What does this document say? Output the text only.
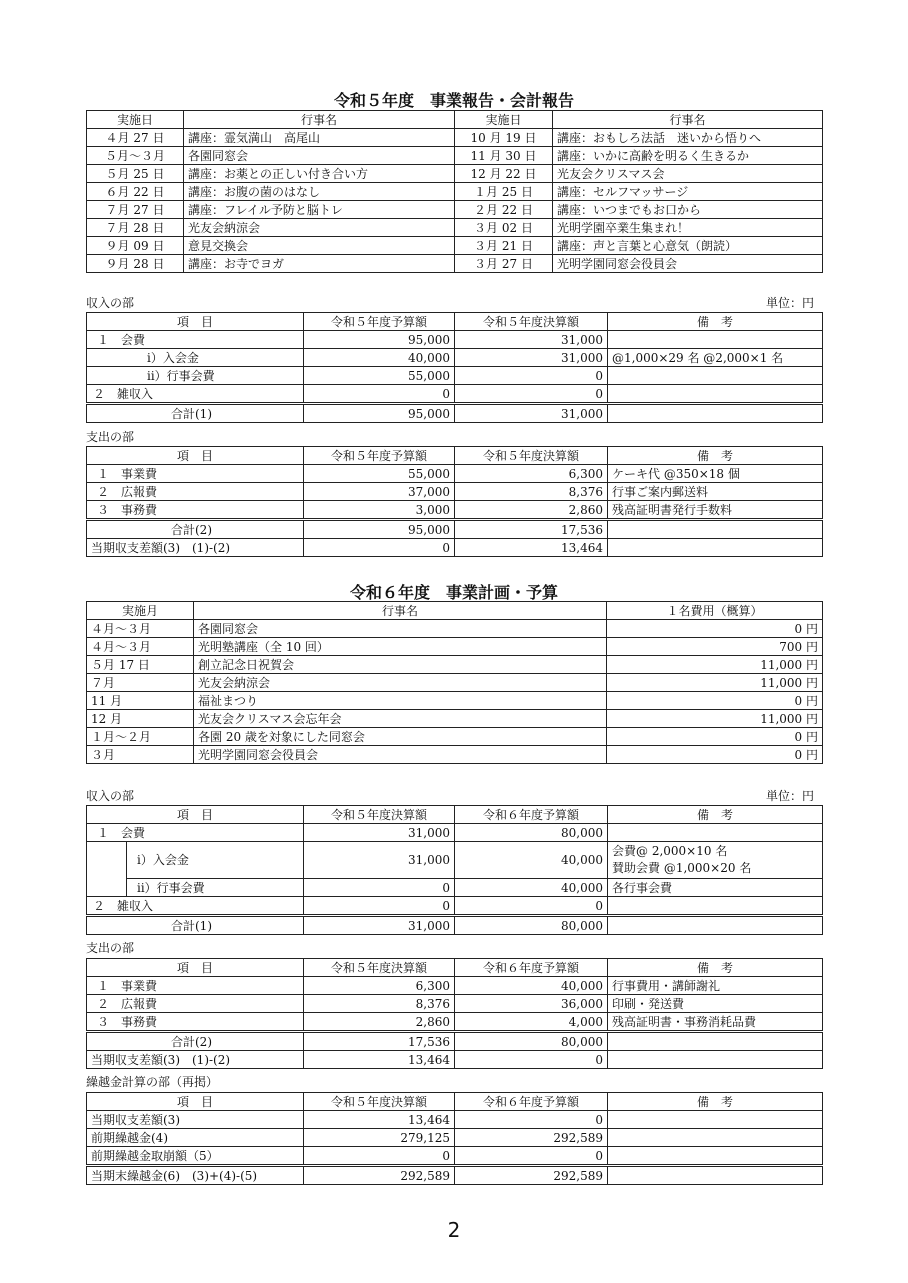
令和５年度　事業報告・会計報告
実施日	行事名	実施日	行事名
４月 27 日	講座：霊気満山　高尾山	10 月 19 日	講座：おもしろ法話　迷いから悟りへ
５月～３月	各園同窓会	11 月 30 日	講座：いかに高齢を明るく生きるか
５月 25 日	講座：お薬との正しい付き合い方	12 月 22 日	光友会クリスマス会
６月 22 日	講座：お腹の菌のはなし	１月 25 日	講座：セルフマッサージ
７月 27 日	講座：フレイル予防と脳トレ	２月 22 日	講座：いつまでもお口から
７月 28 日	光友会納涼会	３月 02 日	光明学園卒業生集まれ！
９月 09 日	意見交換会	３月 21 日	講座：声と言葉と心意気（朗読）
９月 28 日	講座：お寺でヨガ	３月 27 日	光明学園同窓会役員会
収入の部	単位：円
項　目	令和５年度予算額	令和５年度決算額	備　考
１　会費	95,000	31,000	
ⅰ）入会金	40,000	31,000	@1,000×29 名 @2,000×1 名
ⅱ）行事会費	55,000	0	
２　雑収入	0	0	
合計(1)	95,000	31,000	
支出の部
項　目	令和５年度予算額	令和５年度決算額	備　考
１　事業費	55,000	6,300	ケーキ代 @350×18 個
２　広報費	37,000	8,376	行事ご案内郵送料
３　事務費	3,000	2,860	残高証明書発行手数料
合計(2)	95,000	17,536	
当期収支差額(3)　(1)-(2)	0	13,464	
令和６年度　事業計画・予算
実施月	行事名	１名費用（概算）
４月～３月	各園同窓会	0 円
４月～３月	光明塾講座（全 10 回）	700 円
５月 17 日	創立記念日祝賀会	11,000 円
７月	光友会納涼会	11,000 円
11 月	福祉まつり	0 円
12 月	光友会クリスマス会忘年会	11,000 円
１月～２月	各園 20 歳を対象にした同窓会	0 円
３月	光明学園同窓会役員会	0 円
収入の部	単位：円
項　目		令和５年度決算額	令和６年度予算額	備　考
１　会費		31,000	80,000	
	ⅰ）入会金	31,000	40,000	会費@ 2,000×10 名
賛助会費 @1,000×20 名
	ⅱ）行事会費	0	40,000	各行事会費
２　雑収入		0	0	
合計(1)		31,000	80,000	
支出の部
項　目	令和５年度決算額	令和６年度予算額	備　考
１　事業費	6,300	40,000	行事費用・講師謝礼
２　広報費	8,376	36,000	印刷・発送費
３　事務費	2,860	4,000	残高証明書・事務消耗品費
合計(2)	17,536	80,000	
当期収支差額(3)　(1)-(2)	13,464	0	
繰越金計算の部（再掲）
項　目	令和５年度決算額	令和６年度予算額	備　考
当期収支差額(3)	13,464	0	
前期繰越金(4)	279,125	292,589	
前期繰越金取崩額（5）	0	0	
当期末繰越金(6)　(3)+(4)-(5)	292,589	292,589	
2
